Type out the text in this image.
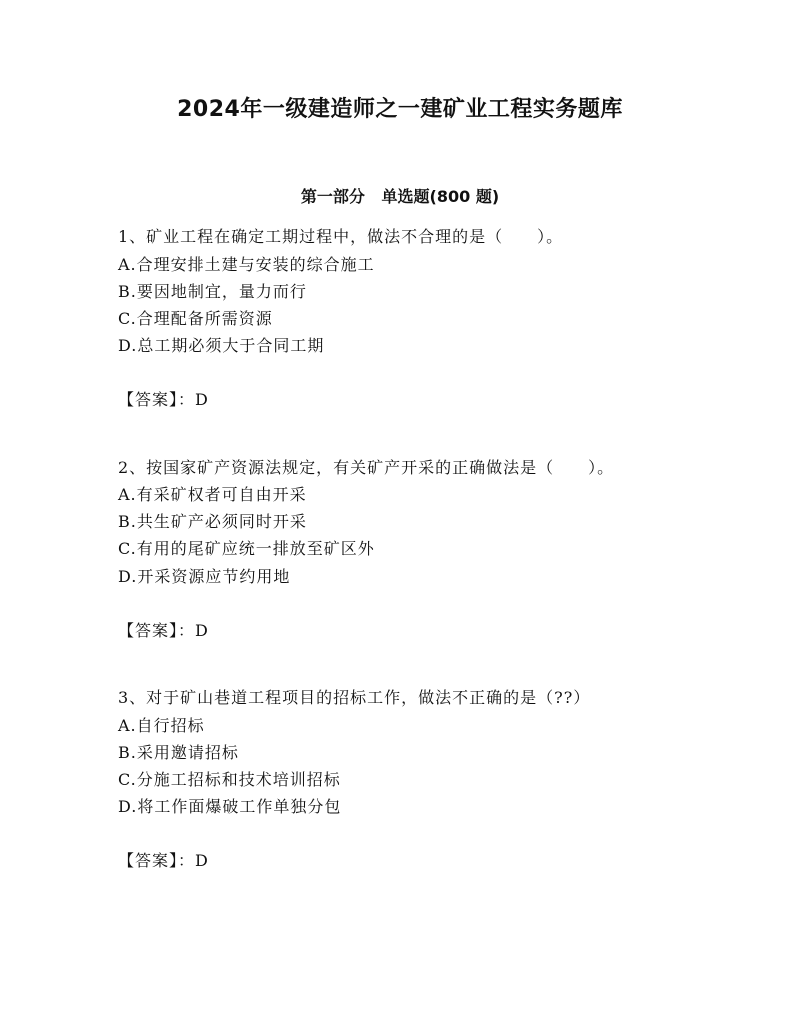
2024年一级建造师之一建矿业工程实务题库
第一部分   单选题(800 题)
1、矿业工程在确定工期过程中，做法不合理的是（　　）。
A.合理安排土建与安装的综合施工
B.要因地制宜，量力而行
C.合理配备所需资源
D.总工期必须大于合同工期
【答案】：D
2、按国家矿产资源法规定，有关矿产开采的正确做法是（　　）。
A.有采矿权者可自由开采
B.共生矿产必须同时开采
C.有用的尾矿应统一排放至矿区外
D.开采资源应节约用地
【答案】：D
3、对于矿山巷道工程项目的招标工作，做法不正确的是（??）
A.自行招标
B.采用邀请招标
C.分施工招标和技术培训招标
D.将工作面爆破工作单独分包
【答案】：D
